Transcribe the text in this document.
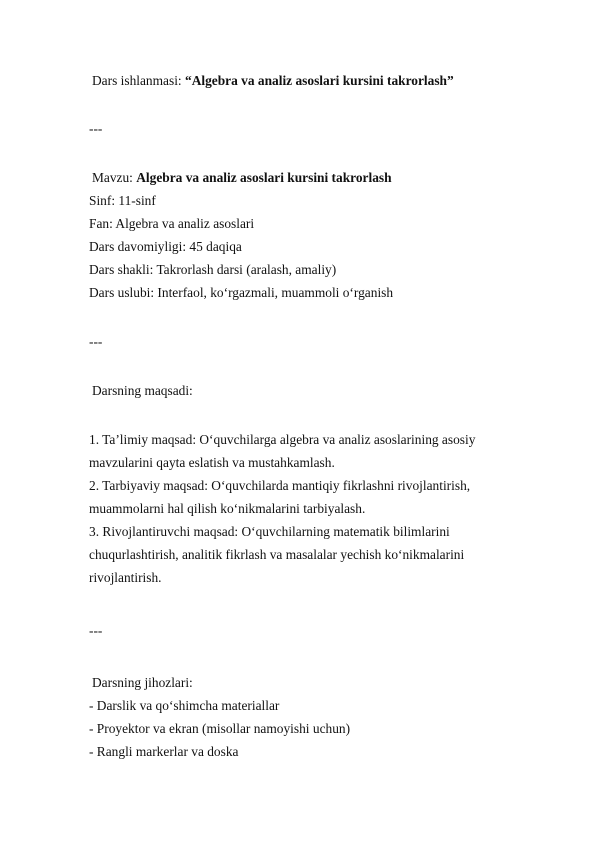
Dars ishlanmasi: “Algebra va analiz asoslari kursini takrorlash”
---
Mavzu: Algebra va analiz asoslari kursini takrorlash
Sinf: 11-sinf
Fan: Algebra va analiz asoslari
Dars davomiyligi: 45 daqiqa
Dars shakli: Takrorlash darsi (aralash, amaliy)
Dars uslubi: Interfaol, ko‘rgazmali, muammoli o‘rganish
---
Darsning maqsadi:
1. Ta’limiy maqsad: O‘quvchilarga algebra va analiz asoslarining asosiy
mavzularini qayta eslatish va mustahkamlash.
2. Tarbiyaviy maqsad: O‘quvchilarda mantiqiy fikrlashni rivojlantirish,
muammolarni hal qilish ko‘nikmalarini tarbiyalash.
3. Rivojlantiruvchi maqsad: O‘quvchilarning matematik bilimlarini
chuqurlashtirish, analitik fikrlash va masalalar yechish ko‘nikmalarini
rivojlantirish.
---
Darsning jihozlari:
- Darslik va qo‘shimcha materiallar
- Proyektor va ekran (misollar namoyishi uchun)
- Rangli markerlar va doska
